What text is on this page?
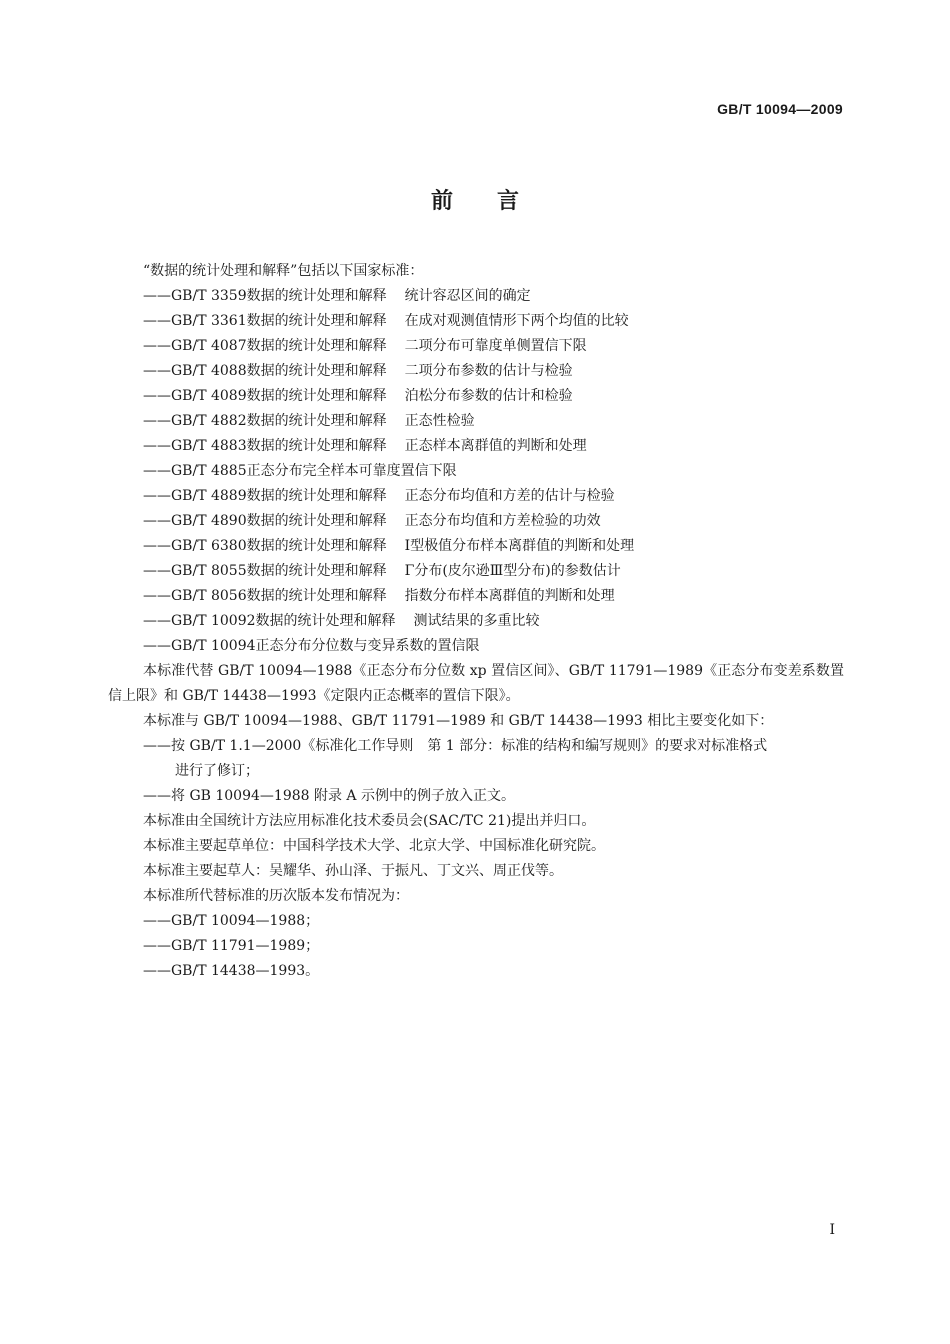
GB/T 10094—2009
前言
“数据的统计处理和解释”包括以下国家标准：
——GB/T 3359数据的统计处理和解释 统计容忍区间的确定
——GB/T 3361数据的统计处理和解释 在成对观测值情形下两个均值的比较
——GB/T 4087数据的统计处理和解释 二项分布可靠度单侧置信下限
——GB/T 4088数据的统计处理和解释 二项分布参数的估计与检验
——GB/T 4089数据的统计处理和解释 泊松分布参数的估计和检验
——GB/T 4882数据的统计处理和解释 正态性检验
——GB/T 4883数据的统计处理和解释 正态样本离群值的判断和处理
——GB/T 4885正态分布完全样本可靠度置信下限
——GB/T 4889数据的统计处理和解释 正态分布均值和方差的估计与检验
——GB/T 4890数据的统计处理和解释 正态分布均值和方差检验的功效
——GB/T 6380数据的统计处理和解释 Ⅰ型极值分布样本离群值的判断和处理
——GB/T 8055数据的统计处理和解释 Γ分布(皮尔逊Ⅲ型分布)的参数估计
——GB/T 8056数据的统计处理和解释 指数分布样本离群值的判断和处理
——GB/T 10092数据的统计处理和解释 测试结果的多重比较
——GB/T 10094正态分布分位数与变异系数的置信限
本标准代替 GB/T 10094—1988《正态分布分位数 xp 置信区间》、GB/T 11791—1989《正态分布变差系数置信上限》和 GB/T 14438—1993《定限内正态概率的置信下限》。
本标准与 GB/T 10094—1988、GB/T 11791—1989 和 GB/T 14438—1993 相比主要变化如下：
——按 GB/T 1.1—2000《标准化工作导则　第 1 部分：标准的结构和编写规则》的要求对标准格式
进行了修订；
——将 GB 10094—1988 附录 A 示例中的例子放入正文。
本标准由全国统计方法应用标准化技术委员会(SAC/TC 21)提出并归口。
本标准主要起草单位：中国科学技术大学、北京大学、中国标准化研究院。
本标准主要起草人：吴耀华、孙山泽、于振凡、丁文兴、周正伐等。
本标准所代替标准的历次版本发布情况为：
——GB/T 10094—1988；
——GB/T 11791—1989；
——GB/T 14438—1993。
Ⅰ
